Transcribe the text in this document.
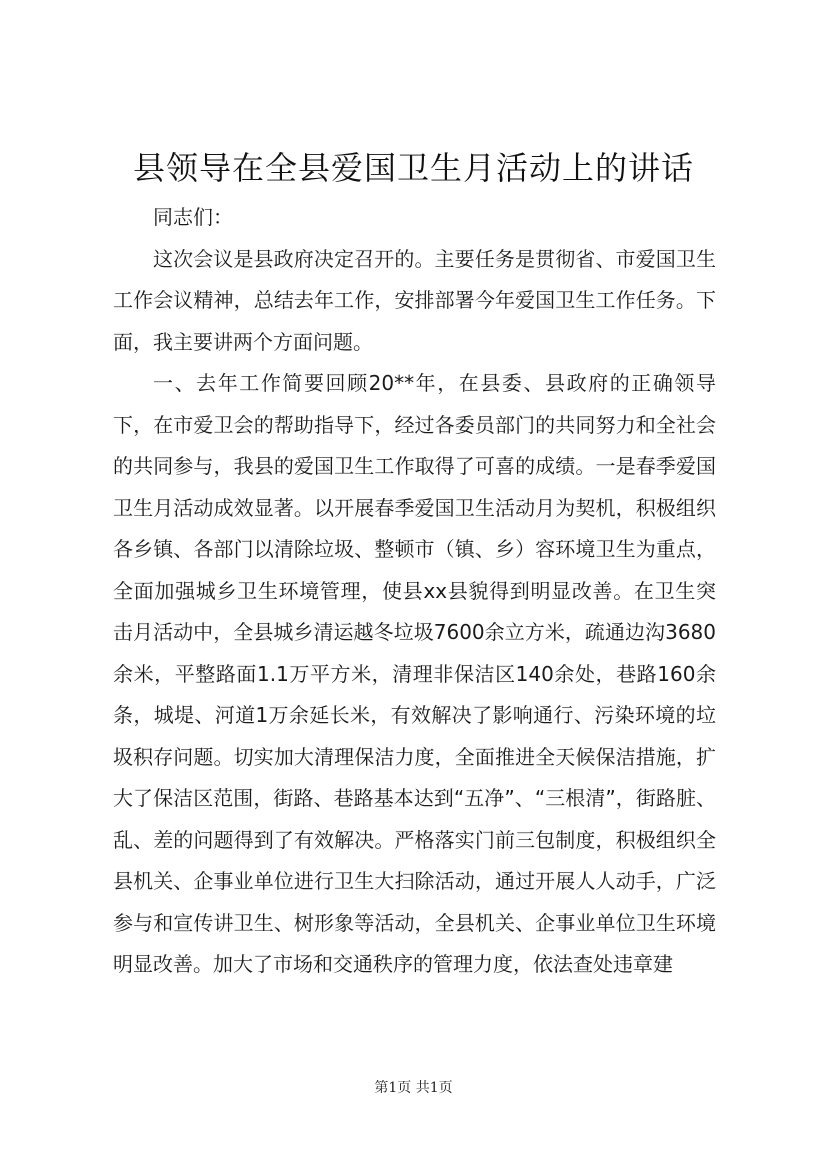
县领导在全县爱国卫生月活动上的讲话

同志们：

这次会议是县政府决定召开的。主要任务是贯彻省、市爱国卫生工作会议精神，总结去年工作，安排部署今年爱国卫生工作任务。下面，我主要讲两个方面问题。

一、去年工作简要回顾20**年，在县委、县政府的正确领导下，在市爱卫会的帮助指导下，经过各委员部门的共同努力和全社会的共同参与，我县的爱国卫生工作取得了可喜的成绩。一是春季爱国卫生月活动成效显著。以开展春季爱国卫生活动月为契机，积极组织各乡镇、各部门以清除垃圾、整顿市（镇、乡）容环境卫生为重点，全面加强城乡卫生环境管理，使县xx县貌得到明显改善。在卫生突击月活动中，全县城乡清运越冬垃圾7600余立方米，疏通边沟3680余米，平整路面1.1万平方米，清理非保洁区140余处，巷路160余条，城堤、河道1万余延长米，有效解决了影响通行、污染环境的垃圾积存问题。切实加大清理保洁力度，全面推进全天候保洁措施，扩大了保洁区范围，街路、巷路基本达到“五净”、“三根清”，街路脏、乱、差的问题得到了有效解决。严格落实门前三包制度，积极组织全县机关、企事业单位进行卫生大扫除活动，通过开展人人动手，广泛参与和宣传讲卫生、树形象等活动，全县机关、企事业单位卫生环境明显改善。加大了市场和交通秩序的管理力度，依法查处违章建

第1页 共1页
